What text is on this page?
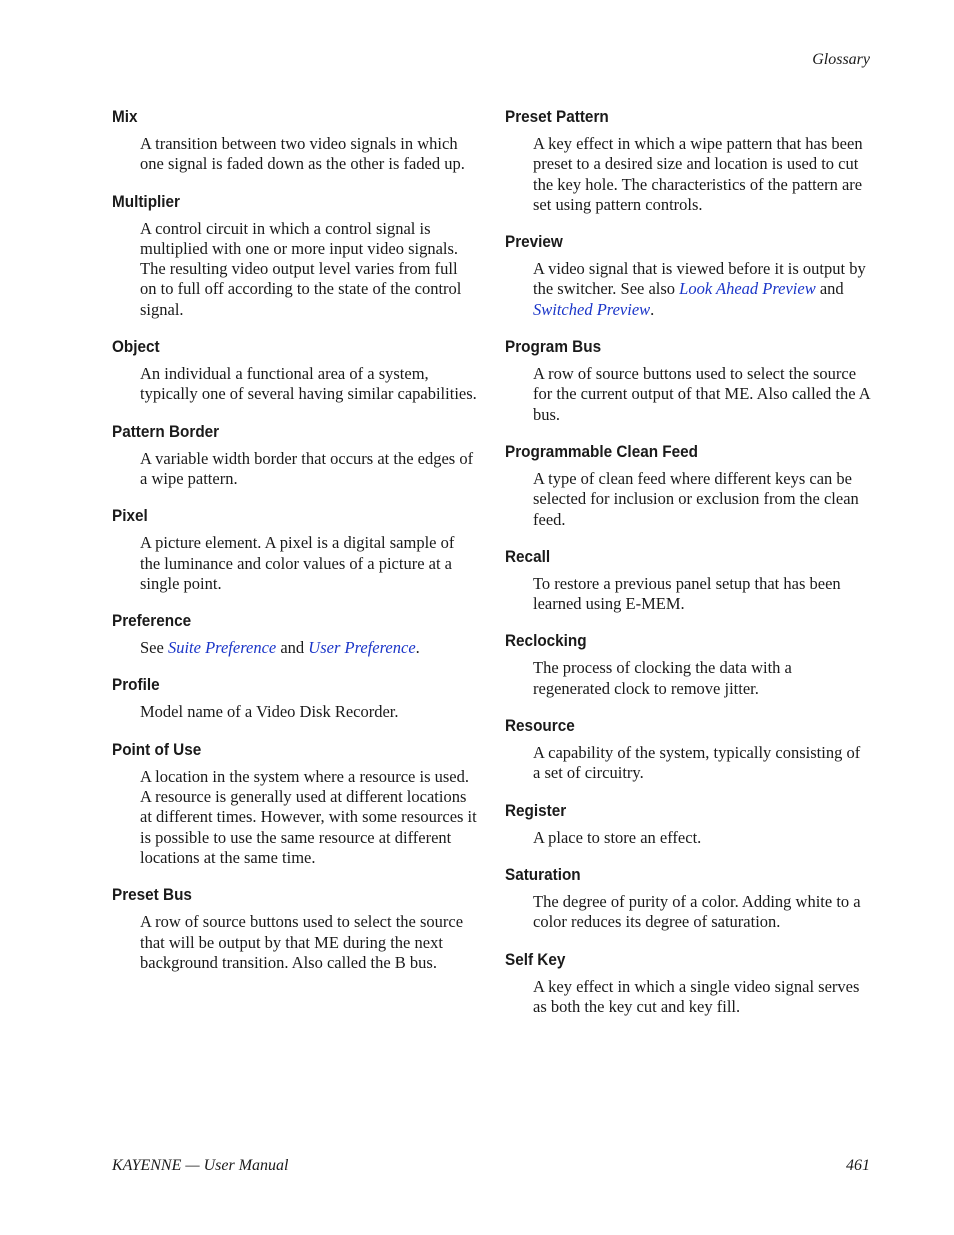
Glossary
Mix
A transition between two video signals in which one signal is faded down as the other is faded up.
Multiplier
A control circuit in which a control signal is multiplied with one or more input video signals. The resulting video output level varies from full on to full off according to the state of the control signal.
Object
An individual a functional area of a system, typically one of several having similar capabilities.
Pattern Border
A variable width border that occurs at the edges of a wipe pattern.
Pixel
A picture element. A pixel is a digital sample of the luminance and color values of a picture at a single point.
Preference
See Suite Preference and User Preference.
Profile
Model name of a Video Disk Recorder.
Point of Use
A location in the system where a resource is used. A resource is generally used at different locations at different times. However, with some resources it is possible to use the same resource at different locations at the same time.
Preset Bus
A row of source buttons used to select the source that will be output by that ME during the next background transition. Also called the B bus.
Preset Pattern
A key effect in which a wipe pattern that has been preset to a desired size and location is used to cut the key hole. The characteristics of the pattern are set using pattern controls.
Preview
A video signal that is viewed before it is output by the switcher. See also Look Ahead Preview and Switched Preview.
Program Bus
A row of source buttons used to select the source for the current output of that ME. Also called the A bus.
Programmable Clean Feed
A type of clean feed where different keys can be selected for inclusion or exclusion from the clean feed.
Recall
To restore a previous panel setup that has been learned using E-MEM.
Reclocking
The process of clocking the data with a regenerated clock to remove jitter.
Resource
A capability of the system, typically consisting of a set of circuitry.
Register
A place to store an effect.
Saturation
The degree of purity of a color. Adding white to a color reduces its degree of saturation.
Self Key
A key effect in which a single video signal serves as both the key cut and key fill.
KAYENNE — User Manual	461
